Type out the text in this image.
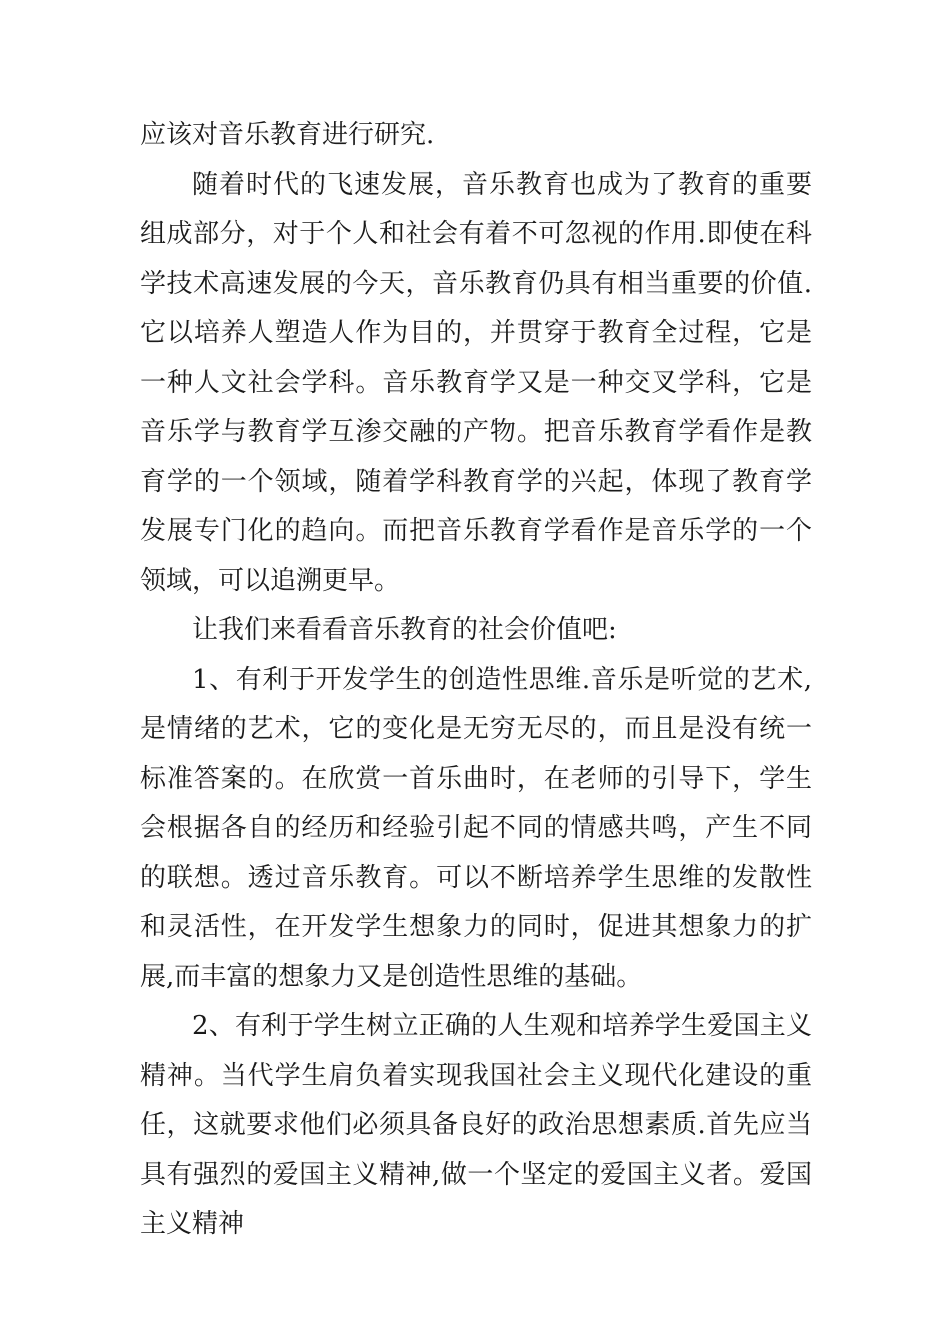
应该对音乐教育进行研究.

随着时代的飞速发展，音乐教育也成为了教育的重要组成部分，对于个人和社会有着不可忽视的作用.即使在科学技术高速发展的今天，音乐教育仍具有相当重要的价值.它以培养人塑造人作为目的，并贯穿于教育全过程，它是一种人文社会学科。音乐教育学又是一种交叉学科，它是音乐学与教育学互渗交融的产物。把音乐教育学看作是教育学的一个领域，随着学科教育学的兴起，体现了教育学发展专门化的趋向。而把音乐教育学看作是音乐学的一个领域，可以追溯更早。

让我们来看看音乐教育的社会价值吧:

1、有利于开发学生的创造性思维.音乐是听觉的艺术,是情绪的艺术，它的变化是无穷无尽的，而且是没有统一标准答案的。在欣赏一首乐曲时，在老师的引导下，学生会根据各自的经历和经验引起不同的情感共鸣，产生不同的联想。透过音乐教育。可以不断培养学生思维的发散性和灵活性，在开发学生想象力的同时，促进其想象力的扩展,而丰富的想象力又是创造性思维的基础。

2、有利于学生树立正确的人生观和培养学生爱国主义精神。当代学生肩负着实现我国社会主义现代化建设的重任，这就要求他们必须具备良好的政治思想素质.首先应当具有强烈的爱国主义精神,做一个坚定的爱国主义者。爱国主义精神
